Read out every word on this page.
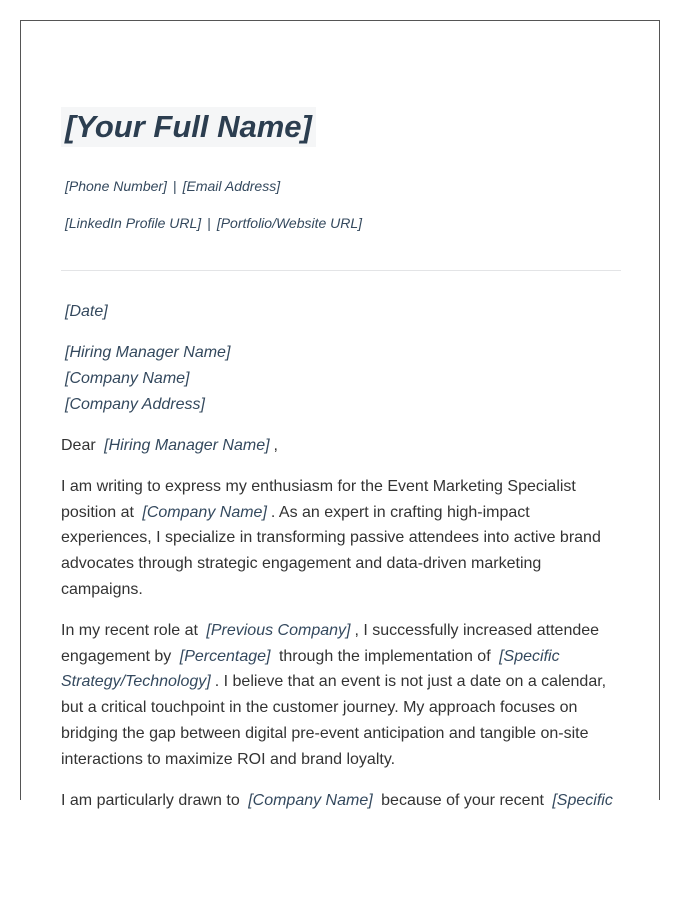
[Your Full Name]
[Phone Number] | [Email Address]
[LinkedIn Profile URL] | [Portfolio/Website URL]

[Date]

[Hiring Manager Name]
[Company Name]
[Company Address]

Dear [Hiring Manager Name] ,

I am writing to express my enthusiasm for the Event Marketing Specialist position at [Company Name] . As an expert in crafting high-impact experiences, I specialize in transforming passive attendees into active brand advocates through strategic engagement and data-driven marketing campaigns.

In my recent role at [Previous Company] , I successfully increased attendee engagement by [Percentage] through the implementation of [Specific Strategy/Technology] . I believe that an event is not just a date on a calendar, but a critical touchpoint in the customer journey. My approach focuses on bridging the gap between digital pre-event anticipation and tangible on-site interactions to maximize ROI and brand loyalty.

I am particularly drawn to [Company Name] because of your recent [Specific
